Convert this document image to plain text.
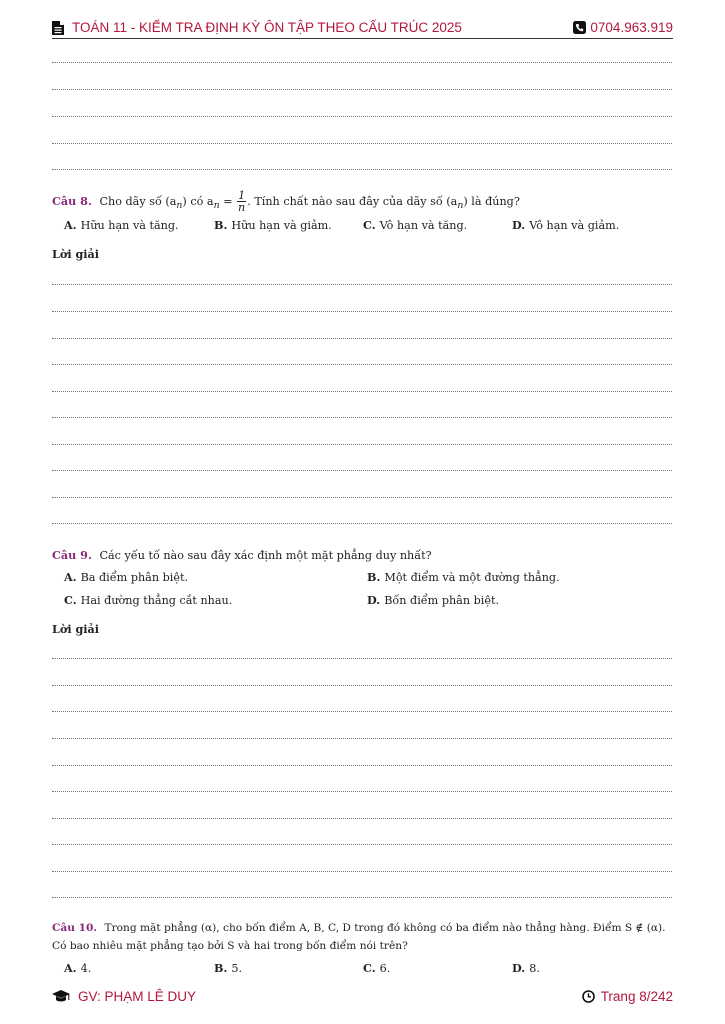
TOÁN 11 - KIỂM TRA ĐỊNH KỲ ÔN TẬP THEO CẤU TRÚC 2025	0704.963.919
Câu 8. Cho dãy số $(a_n)$ có $a_n = \frac{1}{n}$ . Tính chất nào sau đây của dãy số $(a_n)$ là đúng?
A. Hữu hạn và tăng.	B. Hữu hạn và giảm.	C. Vô hạn và tăng.	D. Vô hạn và giảm.
Lời giải
Câu 9. Các yếu tố nào sau đây xác định một mặt phẳng duy nhất?
A. Ba điểm phân biệt.	B. Một điểm và một đường thẳng.
C. Hai đường thẳng cắt nhau.	D. Bốn điểm phân biệt.
Lời giải
Câu 10. Trong mặt phẳng (α), cho bốn điểm A, B, C, D trong đó không có ba điểm nào thẳng hàng. Điểm S ∉ (α).
Có bao nhiêu mặt phẳng tạo bởi S và hai trong bốn điểm nói trên?
A. 4.	B. 5.	C. 6.	D. 8.
GV: PHẠM LÊ DUY	Trang 8/242
